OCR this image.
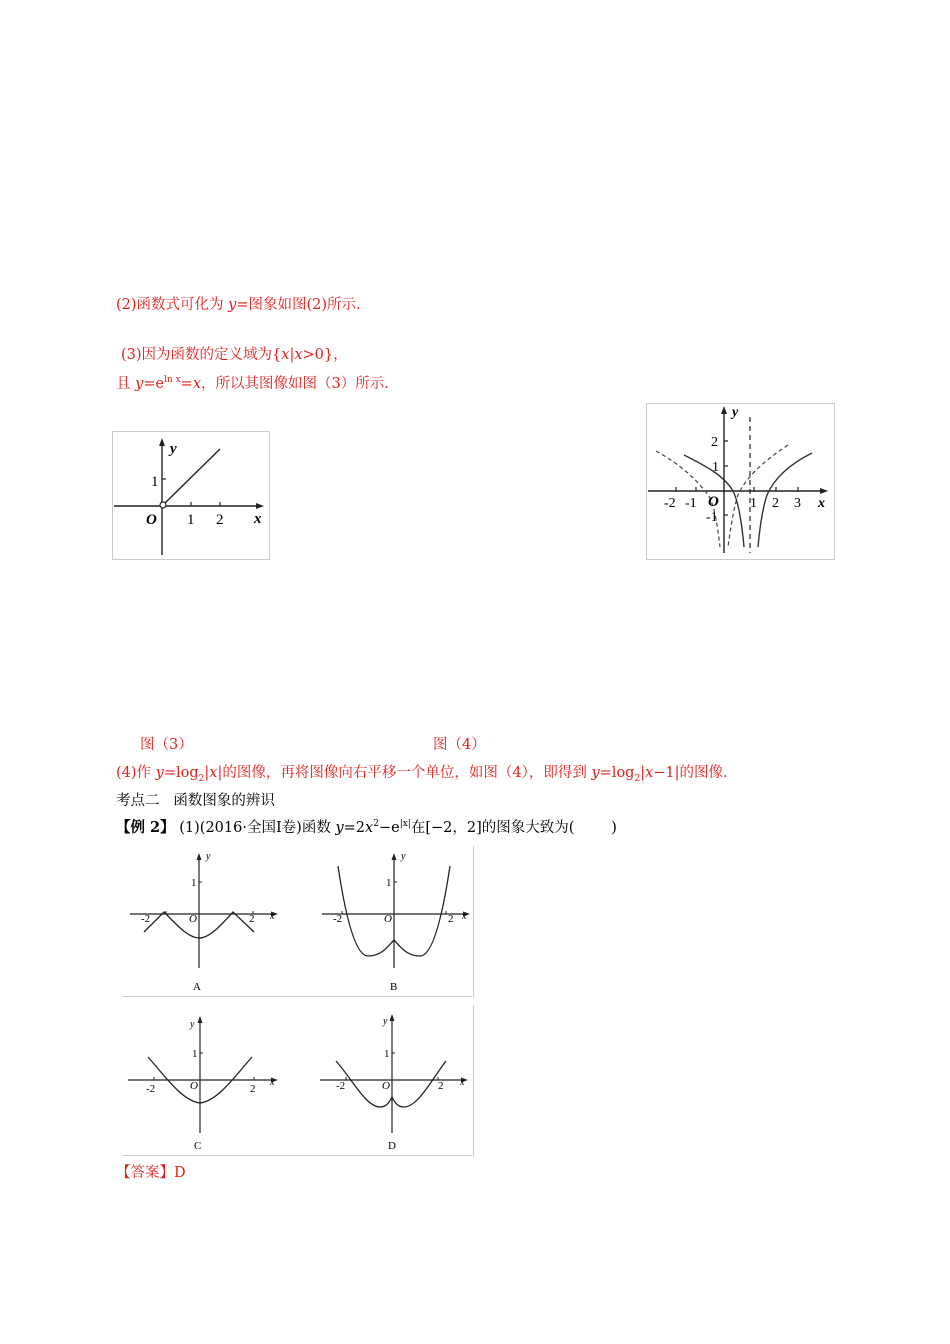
(2)函数式可化为 y=图象如图(2)所示.
(3)因为函数的定义域为{x|x>0}，
且 $y=e^{ln x}=x$，所以其图像如图（3）所示.
y
x
O
1
1 2
y
x
O
-2 -1	1 2 3
2
1
-1
图（3）	图（4）
(4)作 $y=\log_2|x|$的图像，再将图像向右平移一个单位，如图（4），即得到 $y=\log_2|x-1|$的图像.
考点二   函数图象的辨识
【例 2】 (1)(2016·全国Ⅰ卷)函数 $y=2x^2-e^{|x|}$在[−2，2]的图象大致为(        )
y
x
O
1
-2	2
A
y
x
O
1
-2	2
B
y
x
O
1
-2	2
C
y
x
O
1
-2	2
D
【答案】D
